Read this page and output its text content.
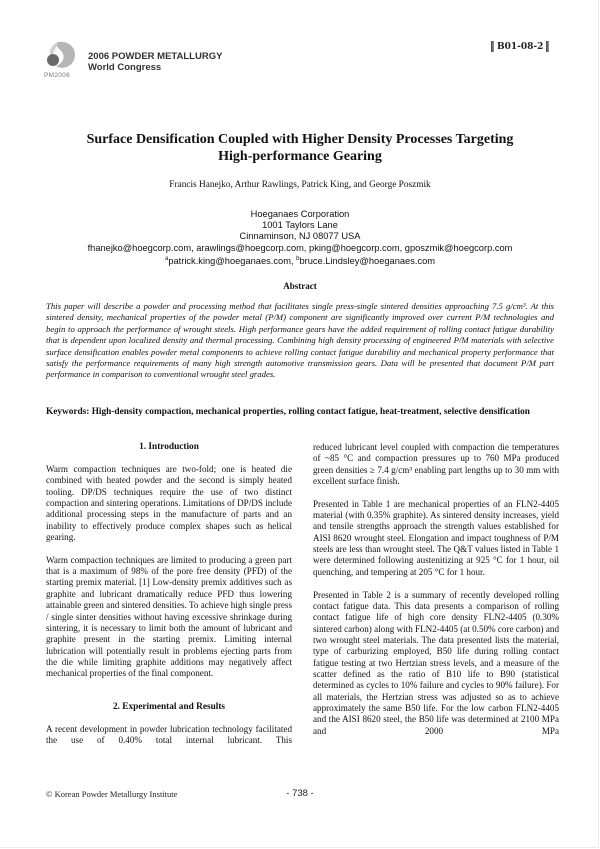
PM2006
2006 POWDER METALLURGY
World Congress
B01-08-2
Surface Densification Coupled with Higher Density Processes Targeting
High-performance Gearing
Francis Hanejko, Arthur Rawlings, Patrick King, and George Poszmik
Hoeganaes Corporation
1001 Taylors Lane
Cinnaminson, NJ 08077 USA
fhanejko@hoegcorp.com, arawlings@hoegcorp.com, pking@hoegcorp.com, gposzmik@hoegcorp.com
$^a$patrick.king@hoeganaes.com, $^b$bruce.Lindsley@hoeganaes.com
Abstract
This paper will describe a powder and processing method that facilitates single press-single sintered densities approaching 7.5 g/cm³. At this sintered density, mechanical properties of the powder metal (P/M) component are significantly improved over current P/M technologies and begin to approach the performance of wrought steels. High performance gears have the added requirement of rolling contact fatigue durability that is dependent upon localized density and thermal processing. Combining high density processing of engineered P/M materials with selective surface densification enables powder metal components to achieve rolling contact fatigue durability and mechanical property performance that satisfy the performance requirements of many high strength automotive transmission gears. Data will be presented that document P/M part performance in comparison to conventional wrought steel grades.
Keywords: High-density compaction, mechanical properties, rolling contact fatigue, heat-treatment, selective densification
1. Introduction

Warm compaction techniques are two-fold; one is heated die combined with heated powder and the second is simply heated tooling. DP/DS techniques require the use of two distinct compaction and sintering operations. Limitations of DP/DS include additional processing steps in the manufacture of parts and an inability to effectively produce complex shapes such as helical gearing.

Warm compaction techniques are limited to producing a green part that is a maximum of 98% of the pore free density (PFD) of the starting premix material. [1] Low-density premix additives such as graphite and lubricant dramatically reduce PFD thus lowering attainable green and sintered densities. To achieve high single press / single sinter densities without having excessive shrinkage during sintering, it is necessary to limit both the amount of lubricant and graphite present in the starting premix. Limiting internal lubrication will potentially result in problems ejecting parts from the die while limiting graphite additions may negatively affect mechanical properties of the final component.

2. Experimental and Results

A recent development in powder lubrication technology facilitated the use of 0.40% total internal lubricant. This

reduced lubricant level coupled with compaction die temperatures of ~85 °C and compaction pressures up to 760 MPa produced green densities ≥ 7.4 g/cm³ enabling part lengths up to 30 mm with excellent surface finish.

Presented in Table 1 are mechanical properties of an FLN2-4405 material (with 0.35% graphite). As sintered density increases, yield and tensile strengths approach the strength values established for AISI 8620 wrought steel. Elongation and impact toughness of P/M steels are less than wrought steel. The Q&T values listed in Table 1 were determined following austenitizing at 925 °C for 1 hour, oil quenching, and tempering at 205 °C for 1 hour.

Presented in Table 2 is a summary of recently developed rolling contact fatigue data. This data presents a comparison of rolling contact fatigue life of high core density FLN2-4405 (0.30% sintered carbon) along with FLN2-4405 (at 0.50% core carbon) and two wrought steel materials. The data presented lists the material, type of carburizing employed, B50 life during rolling contact fatigue testing at two Hertzian stress levels, and a measure of the scatter defined as the ratio of B10 life to B90 (statistical determined as cycles to 10% failure and cycles to 90% failure). For all materials, the Hertzian stress was adjusted so as to achieve approximately the same B50 life. For the low carbon FLN2-4405 and the AISI 8620 steel, the B50 life was determined at 2100 MPa and 2000 MPa

© Korean Powder Metallurgy Institute	- 738 -
